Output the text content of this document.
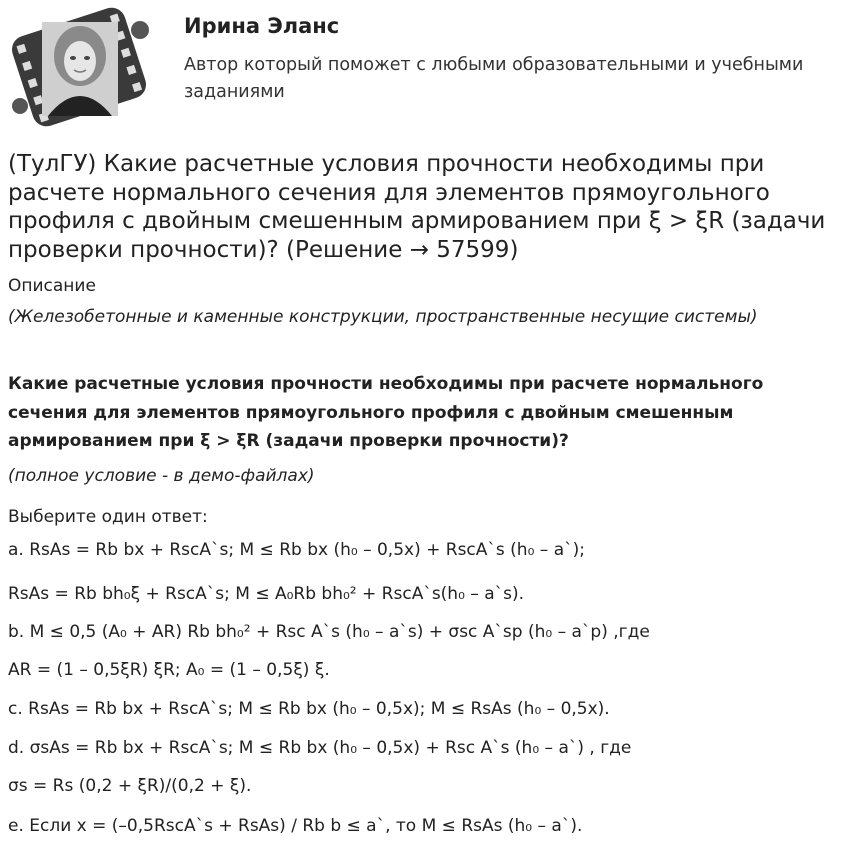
Ирина Эланс
Автор который поможет с любыми образовательными и учебными заданиями
(ТулГУ) Какие расчетные условия прочности необходимы при расчете нормального сечения для элементов прямоугольного профиля с двойным смешенным армированием при ξ > ξR (задачи проверки прочности)? (Решение → 57599)
Описание
(Железобетонные и каменные конструкции, пространственные несущие системы)
Какие расчетные условия прочности необходимы при расчете нормального сечения для элементов прямоугольного профиля с двойным смешенным армированием при ξ > ξR (задачи проверки прочности)?
(полное условие - в демо-файлах)
Выберите один ответ:
a. RsAs = Rb bx + RscA`s; M ≤ Rb bx (h₀ – 0,5x) + RscA`s (h₀ – a`);
RsAs = Rb bh₀ξ + RscA`s; M ≤ A₀Rb bh₀² + RscA`s(h₀ – a`s).
b. M ≤ 0,5 (A₀ + AR) Rb bh₀² + Rsc A`s (h₀ – a`s) + σsc A`sp (h₀ – a`p) ,где
AR = (1 – 0,5ξR) ξR; A₀ = (1 – 0,5ξ) ξ.
c. RsAs = Rb bx + RscA`s; M ≤ Rb bx (h₀ – 0,5x); M ≤ RsAs (h₀ – 0,5x).
d. σsAs = Rb bx + RscA`s; M ≤ Rb bx (h₀ – 0,5x) + Rsc A`s (h₀ – a`) , где
σs = Rs (0,2 + ξR)/(0,2 + ξ).
e. Если x = (–0,5RscA`s + RsAs) / Rb b ≤ a`, то M ≤ RsAs (h₀ – a`).
